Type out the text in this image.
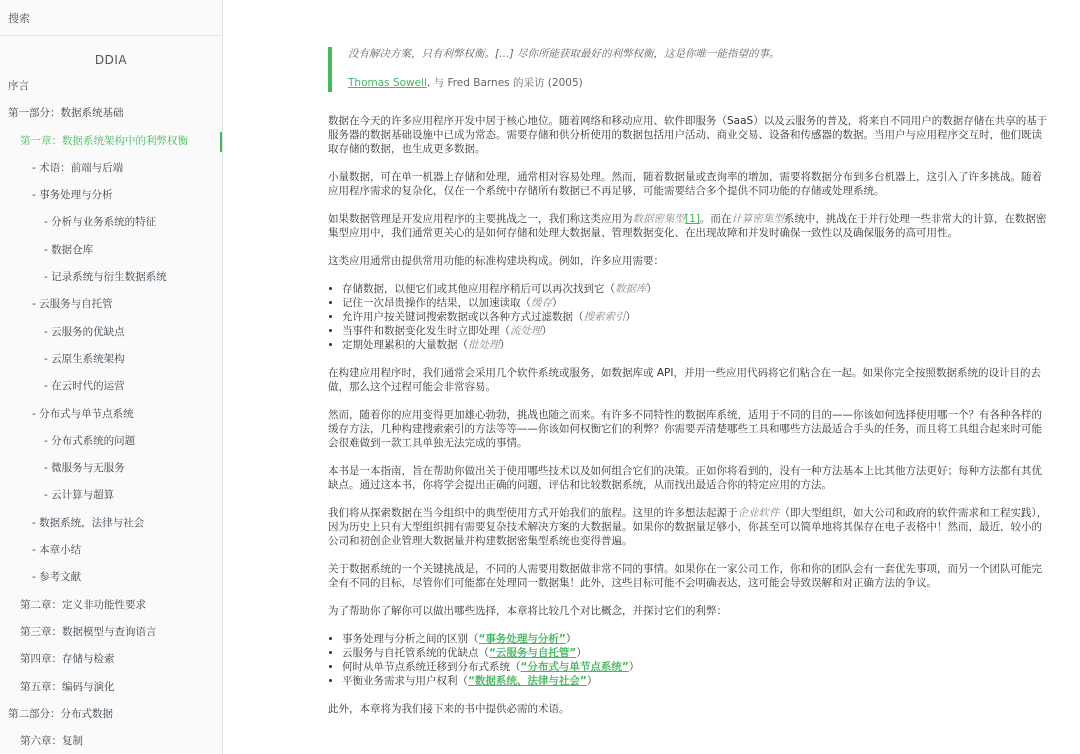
搜索
DDIA
序言
第一部分：数据系统基础
第一章：数据系统架构中的利弊权衡
- 术语：前端与后端
- 事务处理与分析
- 分析与业务系统的特征
- 数据仓库
- 记录系统与衍生数据系统
- 云服务与自托管
- 云服务的优缺点
- 云原生系统架构
- 在云时代的运营
- 分布式与单节点系统
- 分布式系统的问题
- 微服务与无服务
- 云计算与超算
- 数据系统，法律与社会
- 本章小结
- 参考文献
第二章：定义非功能性要求
第三章：数据模型与查询语言
第四章：存储与检索
第五章：编码与演化
第二部分：分布式数据
第六章：复制

没有解决方案，只有利弊权衡。[…] 尽你所能获取最好的利弊权衡，这是你唯一能指望的事。

Thomas Sowell, 与 Fred Barnes 的采访 (2005)

数据在今天的许多应用程序开发中居于核心地位。随着网络和移动应用、软件即服务（SaaS）以及云服务的普及，将来自不同用户的数据存储在共享的基于服务器的数据基础设施中已成为常态。需要存储和供分析使用的数据包括用户活动、商业交易、设备和传感器的数据。当用户与应用程序交互时，他们既读取存储的数据，也生成更多数据。

小量数据，可在单一机器上存储和处理，通常相对容易处理。然而，随着数据量或查询率的增加，需要将数据分布到多台机器上，这引入了许多挑战。随着应用程序需求的复杂化，仅在一个系统中存储所有数据已不再足够，可能需要结合多个提供不同功能的存储或处理系统。

如果数据管理是开发应用程序的主要挑战之一，我们称这类应用为数据密集型[1]。而在计算密集型系统中，挑战在于并行处理一些非常大的计算，在数据密集型应用中，我们通常更关心的是如何存储和处理大数据量、管理数据变化、在出现故障和并发时确保一致性以及确保服务的高可用性。

这类应用通常由提供常用功能的标准构建块构成。例如，许多应用需要：

• 存储数据，以便它们或其他应用程序稍后可以再次找到它（数据库）
• 记住一次昂贵操作的结果，以加速读取（缓存）
• 允许用户按关键词搜索数据或以各种方式过滤数据（搜索索引）
• 当事件和数据变化发生时立即处理（流处理）
• 定期处理累积的大量数据（批处理）

在构建应用程序时，我们通常会采用几个软件系统或服务，如数据库或 API，并用一些应用代码将它们粘合在一起。如果你完全按照数据系统的设计目的去做，那么这个过程可能会非常容易。

然而，随着你的应用变得更加雄心勃勃，挑战也随之而来。有许多不同特性的数据库系统，适用于不同的目的——你该如何选择使用哪一个？有各种各样的缓存方法，几种构建搜索索引的方法等等——你该如何权衡它们的利弊？你需要弄清楚哪些工具和哪些方法最适合手头的任务，而且将工具组合起来时可能会很难做到一款工具单独无法完成的事情。

本书是一本指南，旨在帮助你做出关于使用哪些技术以及如何组合它们的决策。正如你将看到的，没有一种方法基本上比其他方法更好；每种方法都有其优缺点。通过这本书，你将学会提出正确的问题，评估和比较数据系统，从而找出最适合你的特定应用的方法。

我们将从探索数据在当今组织中的典型使用方式开始我们的旅程。这里的许多想法起源于企业软件（即大型组织，如大公司和政府的软件需求和工程实践），因为历史上只有大型组织拥有需要复杂技术解决方案的大数据量。如果你的数据量足够小，你甚至可以简单地将其保存在电子表格中！然而，最近，较小的公司和初创企业管理大数据量并构建数据密集型系统也变得普遍。

关于数据系统的一个关键挑战是，不同的人需要用数据做非常不同的事情。如果你在一家公司工作，你和你的团队会有一套优先事项，而另一个团队可能完全有不同的目标，尽管你们可能都在处理同一数据集！此外，这些目标可能不会明确表达，这可能会导致误解和对正确方法的争议。

为了帮助你了解你可以做出哪些选择，本章将比较几个对比概念，并探讨它们的利弊：

• 事务处理与分析之间的区别（“事务处理与分析”）
• 云服务与自托管系统的优缺点（“云服务与自托管”）
• 何时从单节点系统迁移到分布式系统（“分布式与单节点系统”）
• 平衡业务需求与用户权利（“数据系统、法律与社会”）

此外，本章将为我们接下来的书中提供必需的术语。
